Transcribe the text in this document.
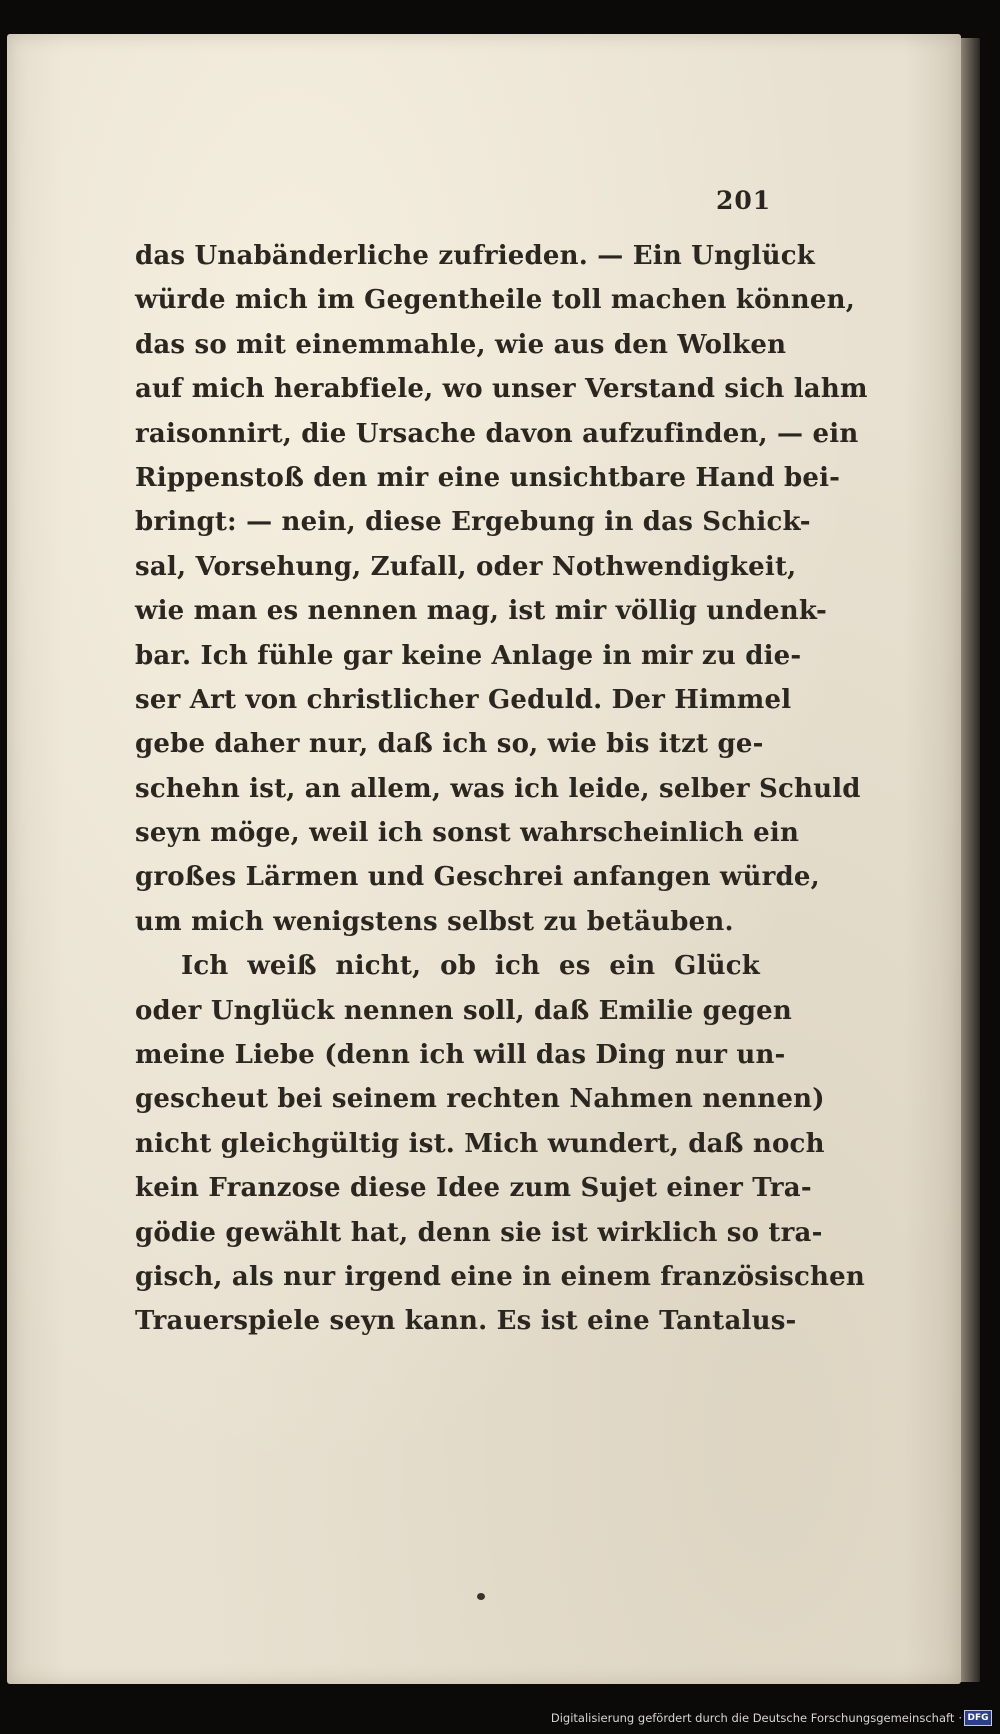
201
das Unabänderliche zufrieden. — Ein Unglück
würde mich im Gegentheile toll machen können,
das so mit einemmahle, wie aus den Wolken
auf mich herabfiele, wo unser Verstand sich lahm
raisonnirt, die Ursache davon aufzufinden, — ein
Rippenstoß den mir eine unsichtbare Hand bei-
bringt: — nein, diese Ergebung in das Schick-
sal, Vorsehung, Zufall, oder Nothwendigkeit,
wie man es nennen mag, ist mir völlig undenk-
bar. Ich fühle gar keine Anlage in mir zu die-
ser Art von christlicher Geduld. Der Himmel
gebe daher nur, daß ich so, wie bis itzt ge-
schehn ist, an allem, was ich leide, selber Schuld
seyn möge, weil ich sonst wahrscheinlich ein
großes Lärmen und Geschrei anfangen würde,
um mich wenigstens selbst zu betäuben.
Ich weiß nicht, ob ich es ein Glück
oder Unglück nennen soll, daß Emilie gegen
meine Liebe (denn ich will das Ding nur un-
gescheut bei seinem rechten Nahmen nennen)
nicht gleichgültig ist. Mich wundert, daß noch
kein Franzose diese Idee zum Sujet einer Tra-
gödie gewählt hat, denn sie ist wirklich so tra-
gisch, als nur irgend eine in einem französischen
Trauerspiele seyn kann. Es ist eine Tantalus-
Digitalisierung gefördert durch die Deutsche Forschungsgemeinschaft · DFG
